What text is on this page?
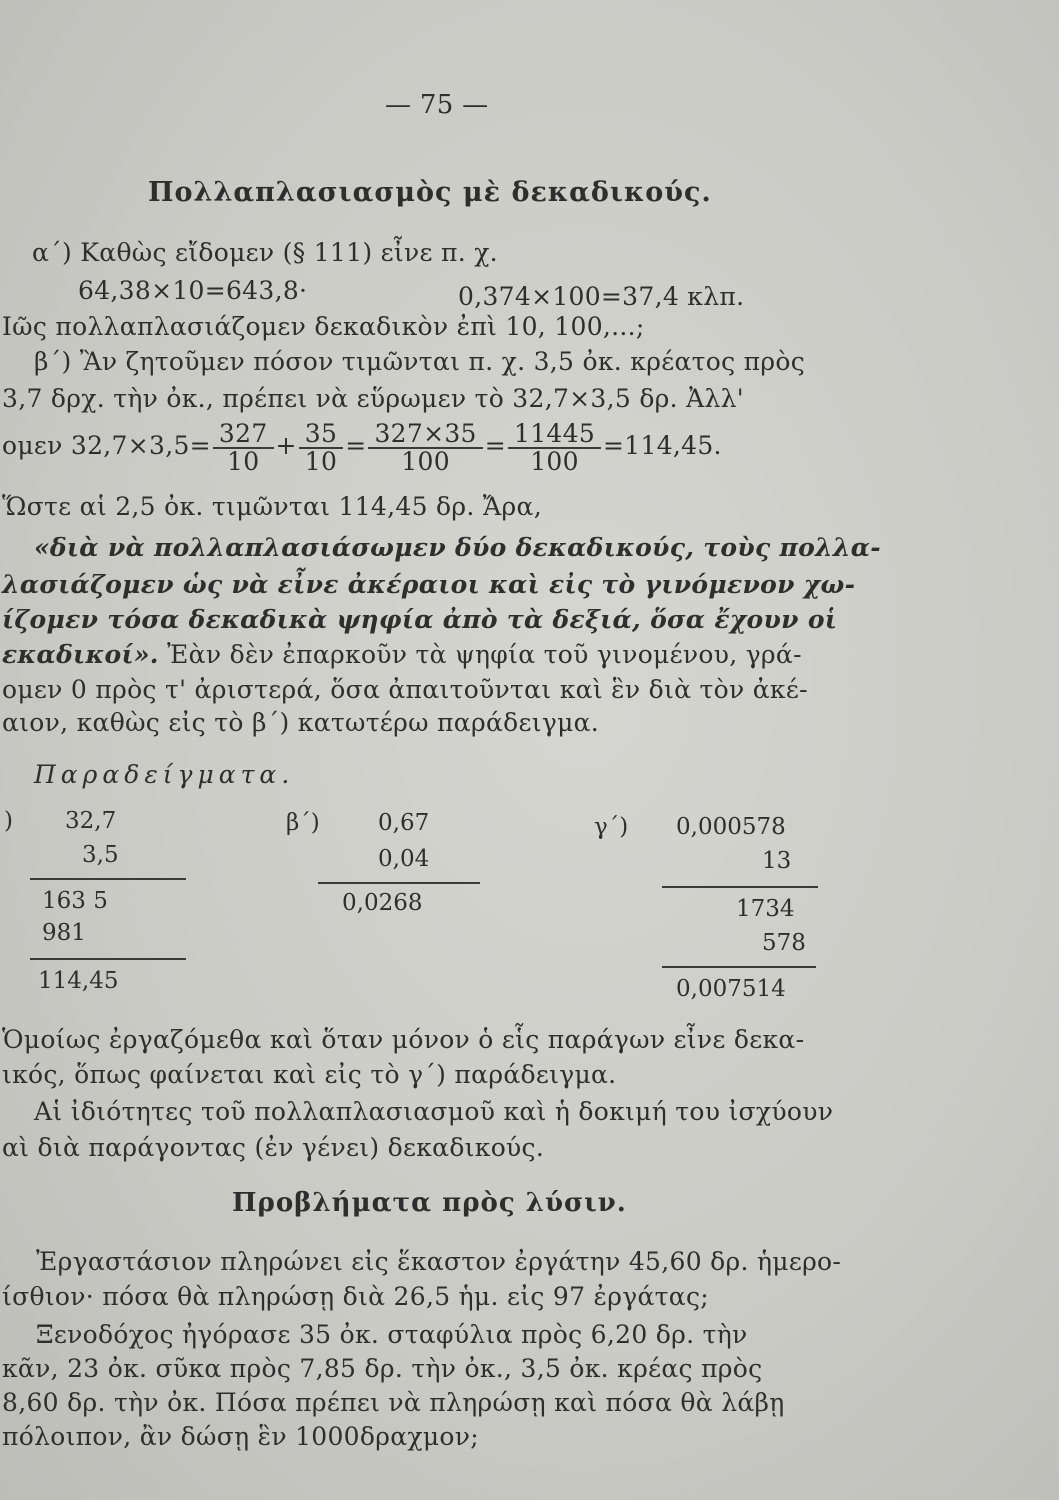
— 75 —
Πολλαπλασιασμὸς μὲ δεκαδικούς.
α΄) Καθὼς εἴδομεν (§ 111) εἶνε π. χ.
64,38×10=643,8·	0,374×100=37,4 κλπ.
Ιῶς πολλαπλασιάζομεν δεκαδικὸν ἐπὶ 10, 100,...;
β΄) Ἂν ζητοῦμεν πόσον τιμῶνται π. χ. 3,5 ὀκ. κρέατος πρὸς
3,7 δρχ. τὴν ὀκ., πρέπει νὰ εὕρωμεν τὸ 32,7×3,5 δρ. Ἀλλ'
ομεν $32,7\times 3,5= \frac{327}{10} + \frac{35}{10} = \frac{327\times 35}{100} = \frac{11445}{100} =114,45$.
Ὥστε αἱ 2,5 ὀκ. τιμῶνται 114,45 δρ. Ἄρα,
«διὰ νὰ πολλαπλασιάσωμεν δύο δεκαδικούς, τοὺς πολλα-
λασιάζομεν ὡς νὰ εἶνε ἀκέραιοι καὶ εἰς τὸ γινόμενον χω-
ίζομεν τόσα δεκαδικὰ ψηφία ἀπὸ τὰ δεξιά, ὅσα ἔχουν οἱ
εκαδικοί». Ἐὰν δὲν ἐπαρκοῦν τὰ ψηφία τοῦ γινομένου, γρά-
ομεν 0 πρὸς τ' ἀριστερά, ὅσα ἀπαιτοῦνται καὶ ἓν διὰ τὸν ἀκέ-
αιον, καθὼς εἰς τὸ β΄) κατωτέρω παράδειγμα.
Παραδείγματα.
) 32,7
3,5
163 5
981
114,45
β΄)	0,67
0,04
0,0268
γ΄) 0,000578
13
1734
578
0,007514
Ὁμοίως ἐργαζόμεθα καὶ ὅταν μόνον ὁ εἷς παράγων εἶνε δεκα-
ικός, ὅπως φαίνεται καὶ εἰς τὸ γ΄) παράδειγμα.
Αἱ ἰδιότητες τοῦ πολλαπλασιασμοῦ καὶ ἡ δοκιμή του ἰσχύουν
αὶ διὰ παράγοντας (ἐν γένει) δεκαδικούς.
Προβλήματα πρὸς λύσιν.
Ἐργαστάσιον πληρώνει εἰς ἕκαστον ἐργάτην 45,60 δρ. ἡμερο-
ίσθιον· πόσα θὰ πληρώσῃ διὰ 26,5 ἡμ. εἰς 97 ἐργάτας;
Ξενοδόχος ἠγόρασε 35 ὀκ. σταφύλια πρὸς 6,20 δρ. τὴν
κᾶν, 23 ὀκ. σῦκα πρὸς 7,85 δρ. τὴν ὀκ., 3,5 ὀκ. κρέας πρὸς
8,60 δρ. τὴν ὀκ. Πόσα πρέπει νὰ πληρώσῃ καὶ πόσα θὰ λάβῃ
πόλοιπον, ἂν δώσῃ ἓν 1000δραχμον;
